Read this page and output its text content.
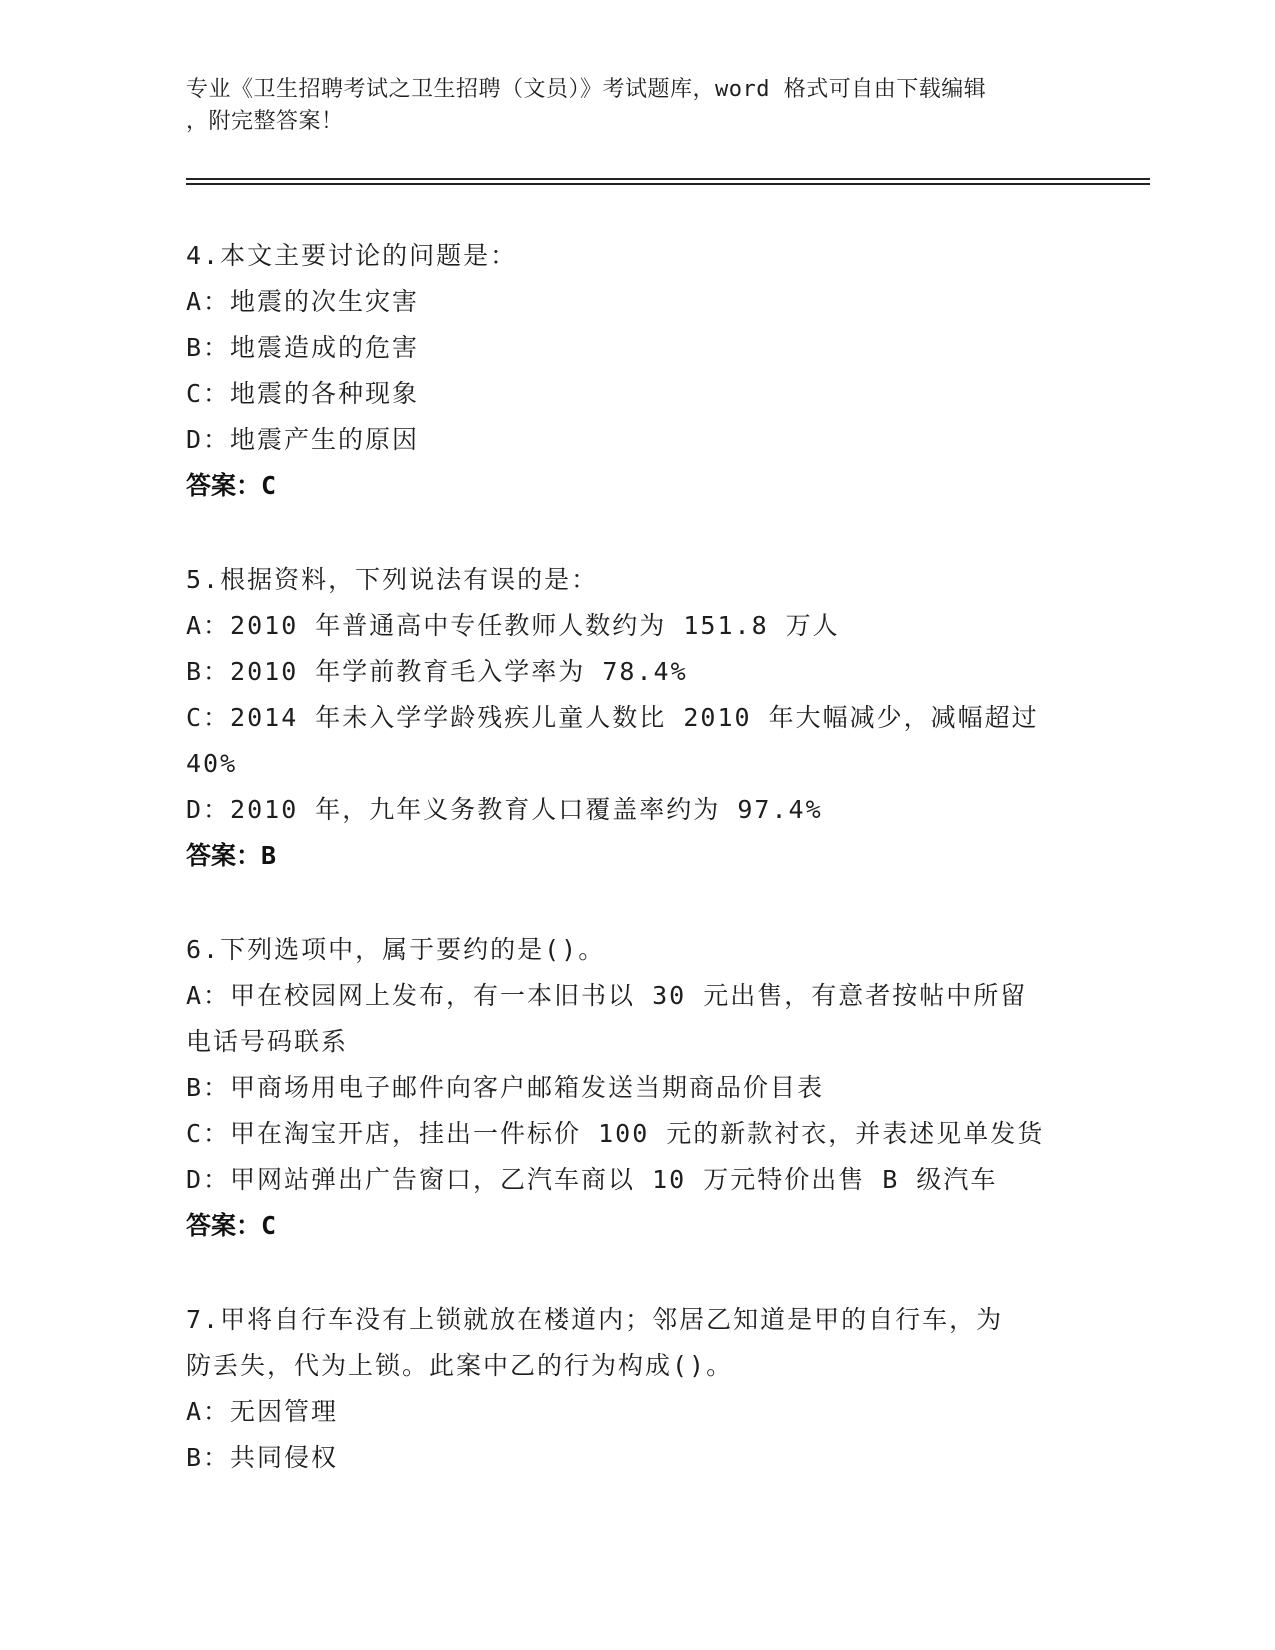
专业《卫生招聘考试之卫生招聘（文员）》考试题库，word 格式可自由下载编辑
，附完整答案！
4.本文主要讨论的问题是：
A：地震的次生灾害
B：地震造成的危害
C：地震的各种现象
D：地震产生的原因
答案：C
5.根据资料，下列说法有误的是：
A：2010 年普通高中专任教师人数约为 151.8 万人
B：2010 年学前教育毛入学率为 78.4%
C：2014 年未入学学龄残疾儿童人数比 2010 年大幅减少，减幅超过
40%
D：2010 年，九年义务教育人口覆盖率约为 97.4%
答案：B
6.下列选项中，属于要约的是()。
A：甲在校园网上发布，有一本旧书以 30 元出售，有意者按帖中所留
电话号码联系
B：甲商场用电子邮件向客户邮箱发送当期商品价目表
C：甲在淘宝开店，挂出一件标价 100 元的新款衬衣，并表述见单发货
D：甲网站弹出广告窗口，乙汽车商以 10 万元特价出售 B 级汽车
答案：C
7.甲将自行车没有上锁就放在楼道内；邻居乙知道是甲的自行车，为
防丢失，代为上锁。此案中乙的行为构成()。
A：无因管理
B：共同侵权
